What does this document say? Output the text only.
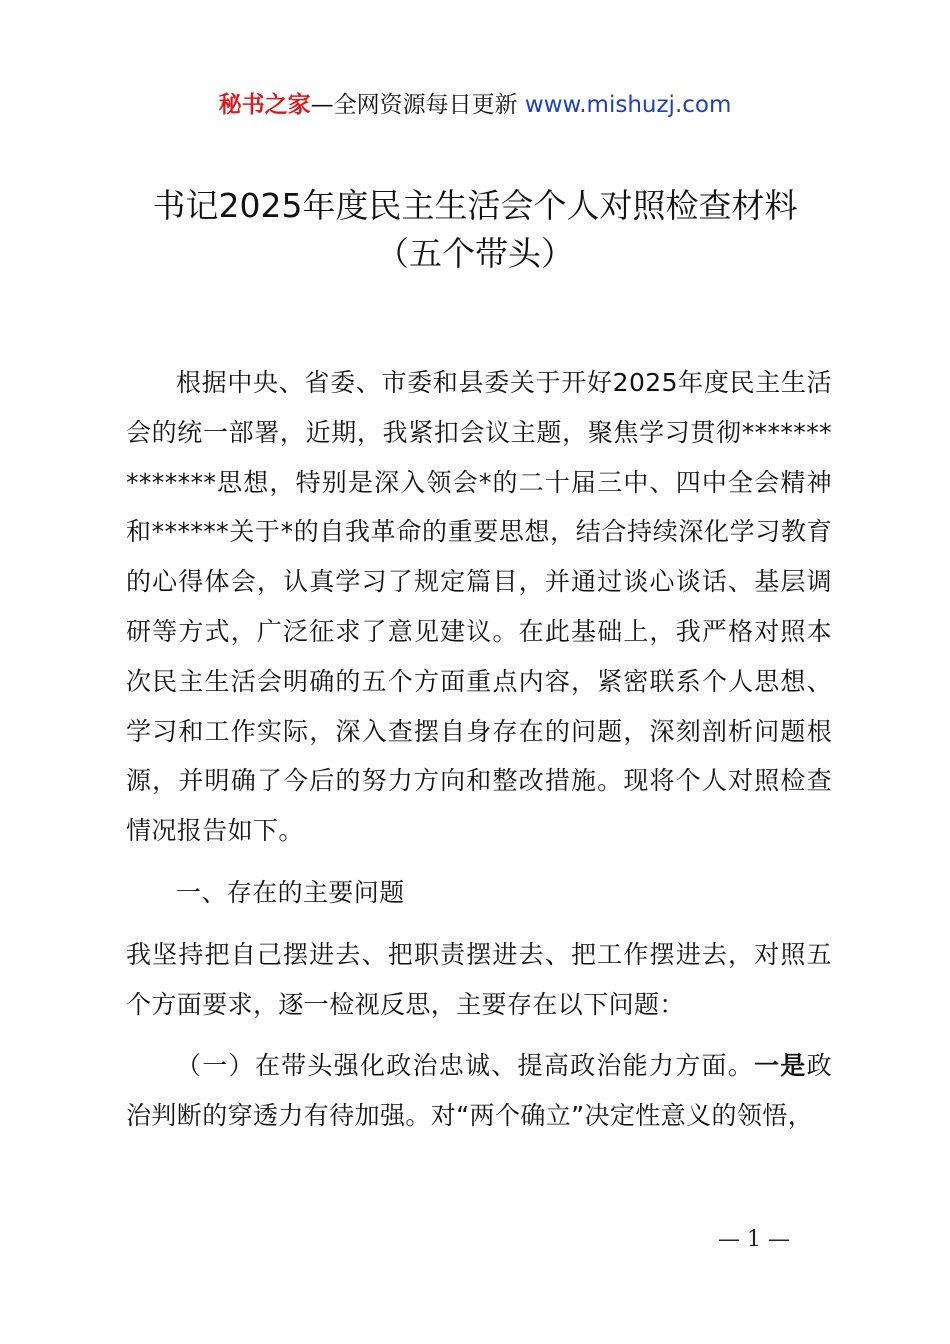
秘书之家—全网资源每日更新 www.mishuzj.com
书记2025年度民主生活会个人对照检查材料
（五个带头）

根据中央、省委、市委和县委关于开好2025年度民主生活会的统一部署，近期，我紧扣会议主题，聚焦学习贯彻**************思想，特别是深入领会*的二十届三中、四中全会精神和******关于*的自我革命的重要思想，结合持续深化学习教育的心得体会，认真学习了规定篇目，并通过谈心谈话、基层调研等方式，广泛征求了意见建议。在此基础上，我严格对照本次民主生活会明确的五个方面重点内容，紧密联系个人思想、学习和工作实际，深入查摆自身存在的问题，深刻剖析问题根源，并明确了今后的努力方向和整改措施。现将个人对照检查情况报告如下。

一、存在的主要问题

我坚持把自己摆进去、把职责摆进去、把工作摆进去，对照五个方面要求，逐一检视反思，主要存在以下问题：

（一）在带头强化政治忠诚、提高政治能力方面。一是政治判断的穿透力有待加强。对“两个确立”决定性意义的领悟，

— 1 —
